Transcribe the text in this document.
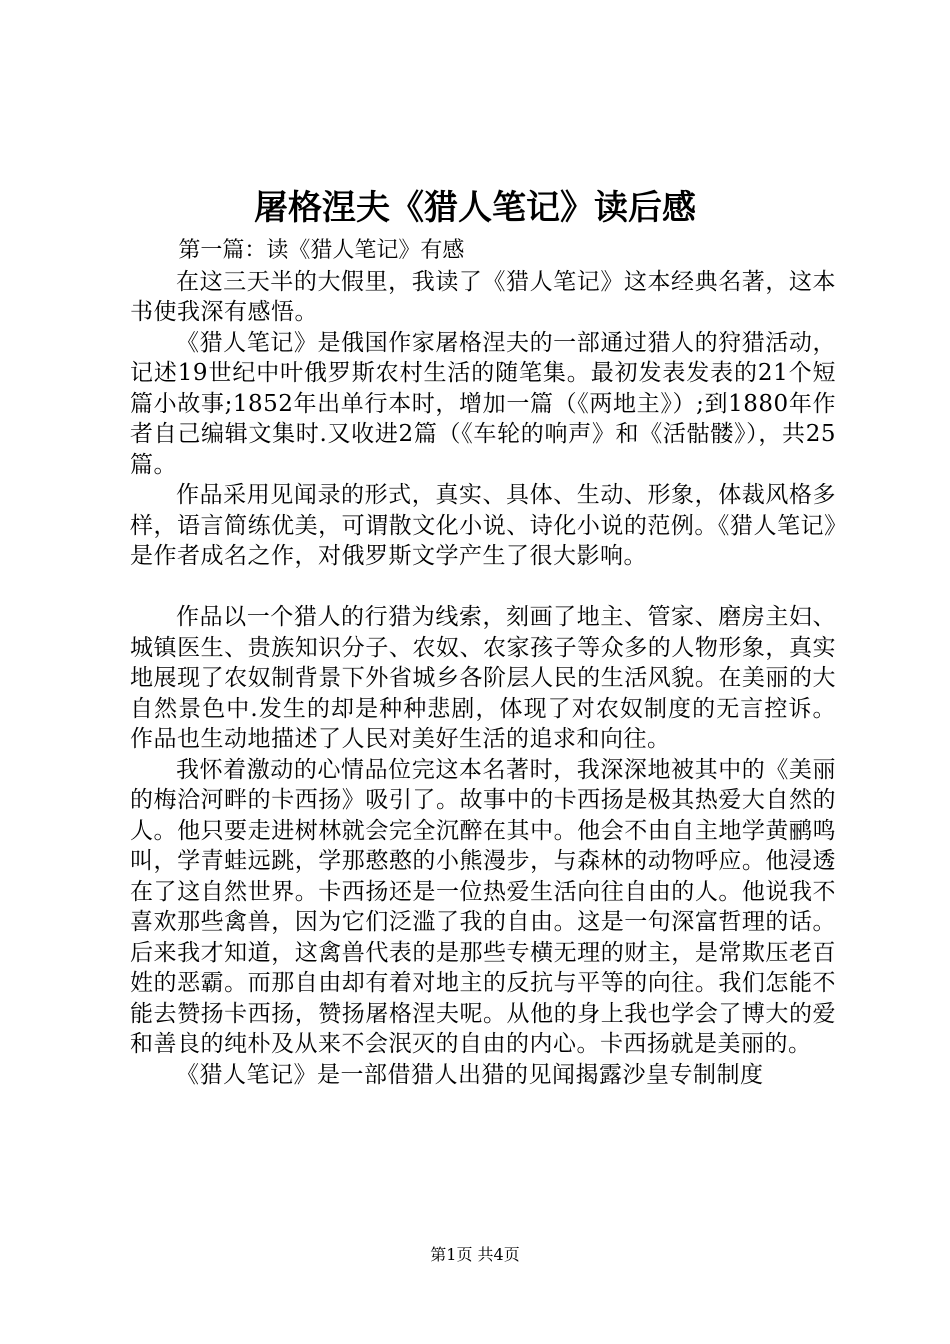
屠格涅夫《猎人笔记》读后感

第一篇：读《猎人笔记》有感

在这三天半的大假里，我读了《猎人笔记》这本经典名著，这本书使我深有感悟。

《猎人笔记》是俄国作家屠格涅夫的一部通过猎人的狩猎活动，记述19世纪中叶俄罗斯农村生活的随笔集。最初发表发表的21个短篇小故事;1852年出单行本时，增加一篇（《两地主》）;到1880年作者自己编辑文集时.又收进2篇（《车轮的响声》和《活骷髅》），共25篇。

作品采用见闻录的形式，真实、具体、生动、形象，体裁风格多样，语言简练优美，可谓散文化小说、诗化小说的范例。《猎人笔记》是作者成名之作，对俄罗斯文学产生了很大影响。

作品以一个猎人的行猎为线索，刻画了地主、管家、磨房主妇、城镇医生、贵族知识分子、农奴、农家孩子等众多的人物形象，真实地展现了农奴制背景下外省城乡各阶层人民的生活风貌。在美丽的大自然景色中.发生的却是种种悲剧，体现了对农奴制度的无言控诉。作品也生动地描述了人民对美好生活的追求和向往。

我怀着激动的心情品位完这本名著时，我深深地被其中的《美丽的梅洽河畔的卡西扬》吸引了。故事中的卡西扬是极其热爱大自然的人。他只要走进树林就会完全沉醉在其中。他会不由自主地学黄鹂鸣叫，学青蛙远跳，学那憨憨的小熊漫步，与森林的动物呼应。他浸透在了这自然世界。卡西扬还是一位热爱生活向往自由的人。他说我不喜欢那些禽兽，因为它们泛滥了我的自由。这是一句深富哲理的话。后来我才知道，这禽兽代表的是那些专横无理的财主，是常欺压老百姓的恶霸。而那自由却有着对地主的反抗与平等的向往。我们怎能不能去赞扬卡西扬，赞扬屠格涅夫呢。从他的身上我也学会了博大的爱和善良的纯朴及从来不会泯灭的自由的内心。卡西扬就是美丽的。

《猎人笔记》是一部借猎人出猎的见闻揭露沙皇专制制度

第1页 共4页
